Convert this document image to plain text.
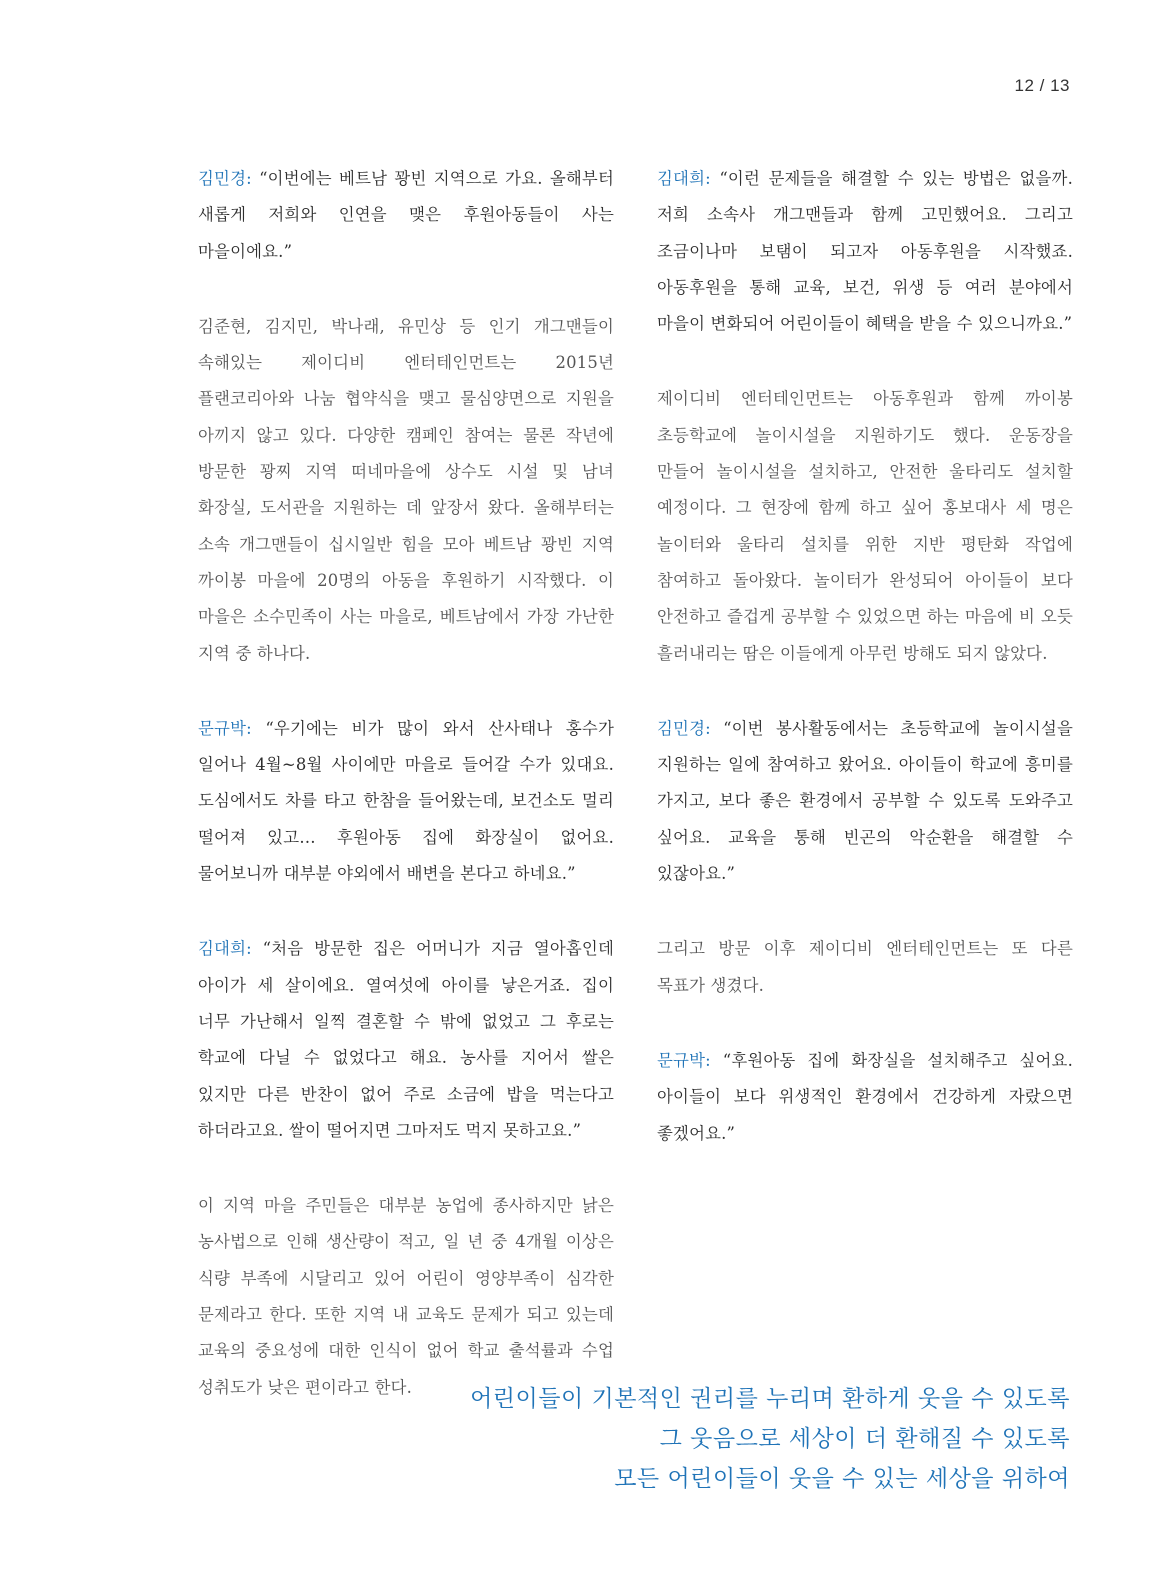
12 / 13

김민경: “이번에는 베트남 꽝빈 지역으로 가요. 올해부터 새롭게 저희와 인연을 맺은 후원아동들이 사는 마을이에요.”

김준현, 김지민, 박나래, 유민상 등 인기 개그맨들이 속해있는 제이디비 엔터테인먼트는 2015년 플랜코리아와 나눔 협약식을 맺고 물심양면으로 지원을 아끼지 않고 있다. 다양한 캠페인 참여는 물론 작년에 방문한 꽝찌 지역 떠네마을에 상수도 시설 및 남녀 화장실, 도서관을 지원하는 데 앞장서 왔다. 올해부터는 소속 개그맨들이 십시일반 힘을 모아 베트남 꽝빈 지역 까이봉 마을에 20명의 아동을 후원하기 시작했다. 이 마을은 소수민족이 사는 마을로, 베트남에서 가장 가난한 지역 중 하나다.

문규박: “우기에는 비가 많이 와서 산사태나 홍수가 일어나 4월~8월 사이에만 마을로 들어갈 수가 있대요. 도심에서도 차를 타고 한참을 들어왔는데, 보건소도 멀리 떨어져 있고… 후원아동 집에 화장실이 없어요. 물어보니까 대부분 야외에서 배변을 본다고 하네요.”

김대희: “처음 방문한 집은 어머니가 지금 열아홉인데 아이가 세 살이에요. 열여섯에 아이를 낳은거죠. 집이 너무 가난해서 일찍 결혼할 수 밖에 없었고 그 후로는 학교에 다닐 수 없었다고 해요. 농사를 지어서 쌀은 있지만 다른 반찬이 없어 주로 소금에 밥을 먹는다고 하더라고요. 쌀이 떨어지면 그마저도 먹지 못하고요.”

이 지역 마을 주민들은 대부분 농업에 종사하지만 낡은 농사법으로 인해 생산량이 적고, 일 년 중 4개월 이상은 식량 부족에 시달리고 있어 어린이 영양부족이 심각한 문제라고 한다. 또한 지역 내 교육도 문제가 되고 있는데 교육의 중요성에 대한 인식이 없어 학교 출석률과 수업 성취도가 낮은 편이라고 한다.

김대희: “이런 문제들을 해결할 수 있는 방법은 없을까. 저희 소속사 개그맨들과 함께 고민했어요. 그리고 조금이나마 보탬이 되고자 아동후원을 시작했죠. 아동후원을 통해 교육, 보건, 위생 등 여러 분야에서 마을이 변화되어 어린이들이 혜택을 받을 수 있으니까요.”

제이디비 엔터테인먼트는 아동후원과 함께 까이봉 초등학교에 놀이시설을 지원하기도 했다. 운동장을 만들어 놀이시설을 설치하고, 안전한 울타리도 설치할 예정이다. 그 현장에 함께 하고 싶어 홍보대사 세 명은 놀이터와 울타리 설치를 위한 지반 평탄화 작업에 참여하고 돌아왔다. 놀이터가 완성되어 아이들이 보다 안전하고 즐겁게 공부할 수 있었으면 하는 마음에 비 오듯 흘러내리는 땀은 이들에게 아무런 방해도 되지 않았다.

김민경: “이번 봉사활동에서는 초등학교에 놀이시설을 지원하는 일에 참여하고 왔어요. 아이들이 학교에 흥미를 가지고, 보다 좋은 환경에서 공부할 수 있도록 도와주고 싶어요. 교육을 통해 빈곤의 악순환을 해결할 수 있잖아요.”

그리고 방문 이후 제이디비 엔터테인먼트는 또 다른 목표가 생겼다.

문규박: “후원아동 집에 화장실을 설치해주고 싶어요. 아이들이 보다 위생적인 환경에서 건강하게 자랐으면 좋겠어요.”

어린이들이 기본적인 권리를 누리며 환하게 웃을 수 있도록
그 웃음으로 세상이 더 환해질 수 있도록
모든 어린이들이 웃을 수 있는 세상을 위하여
